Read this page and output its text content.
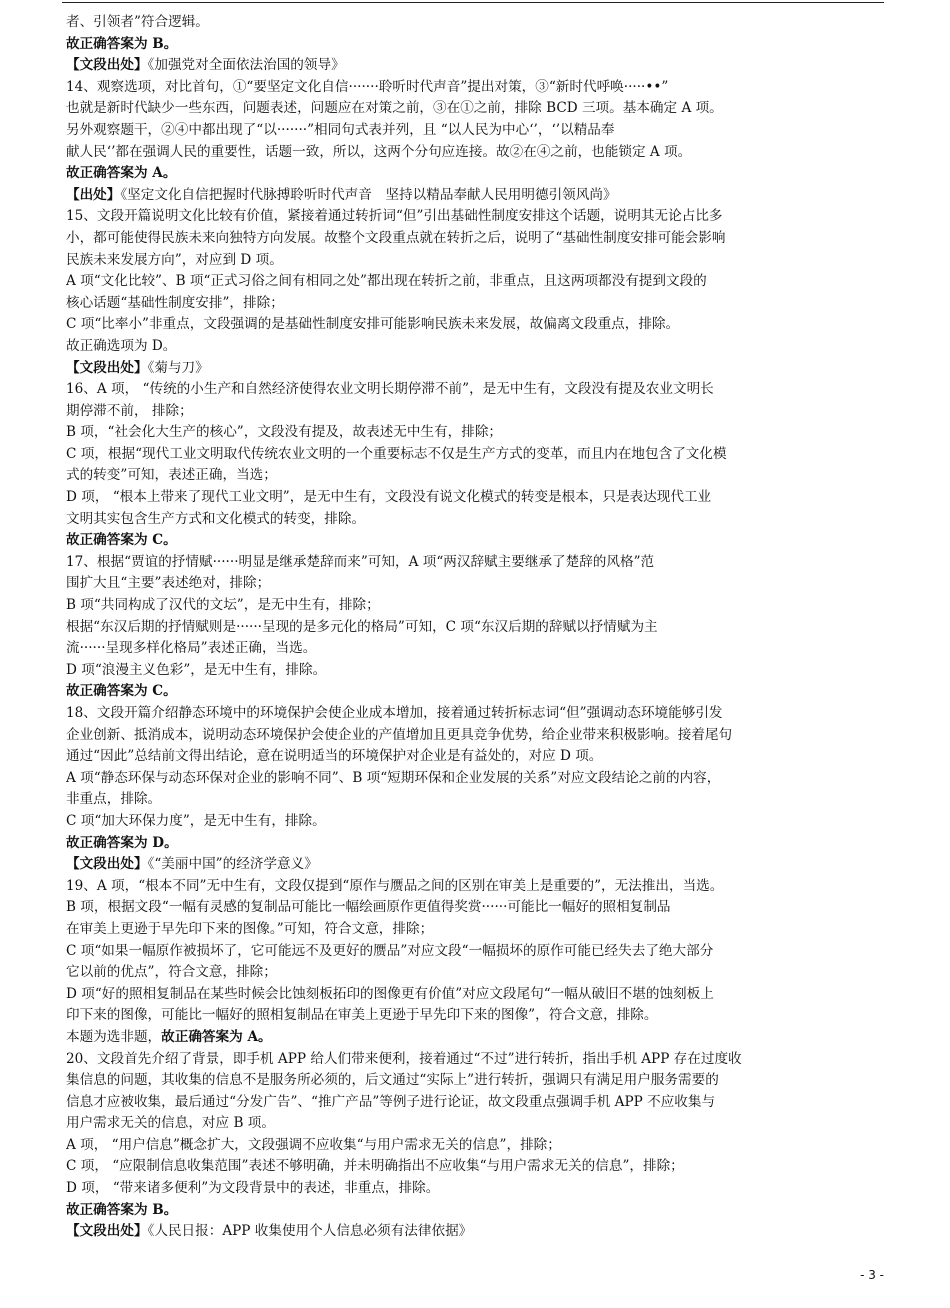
者、引领者”符合逻辑。
故正确答案为 B。
【文段出处】《加强党对全面依法治国的领导》
14、观察选项，对比首句，①“要坚定文化自信·······聆听时代声音”提出对策，③“新时代呼唤·····••”
也就是新时代缺少一些东西，问题表述，问题应在对策之前，③在①之前，排除 BCD 三项。基本确定 A 项。
另外观察题干，②④中都出现了“以·······”相同句式表并列，且 “以人民为中心‘’，‘’以精品奉
献人民‘’都在强调人民的重要性，话题一致，所以，这两个分句应连接。故②在④之前，也能锁定 A 项。
故正确答案为 A。
【出处】《坚定文化自信把握时代脉搏聆听时代声音　坚持以精品奉献人民用明德引领风尚》
15、文段开篇说明文化比较有价值，紧接着通过转折词“但”引出基础性制度安排这个话题，说明其无论占比多
小，都可能使得民族未来向独特方向发展。故整个文段重点就在转折之后，说明了“基础性制度安排可能会影响
民族未来发展方向”，对应到 D 项。
A 项“文化比较”、B 项“正式习俗之间有相同之处”都出现在转折之前，非重点，且这两项都没有提到文段的
核心话题“基础性制度安排”，排除；
C 项“比率小”非重点，文段强调的是基础性制度安排可能影响民族未来发展，故偏离文段重点，排除。
故正确选项为 D。
【文段出处】《菊与刀》
16、A 项， “传统的小生产和自然经济使得农业文明长期停滞不前”，是无中生有，文段没有提及农业文明长
期停滞不前， 排除；
B 项，“社会化大生产的核心”，文段没有提及，故表述无中生有，排除；
C 项，根据“现代工业文明取代传统农业文明的一个重要标志不仅是生产方式的变革，而且内在地包含了文化模
式的转变”可知，表述正确，当选；
D 项， “根本上带来了现代工业文明”，是无中生有，文段没有说文化模式的转变是根本，只是表达现代工业
文明其实包含生产方式和文化模式的转变，排除。
故正确答案为 C。
17、根据“贾谊的抒情赋······明显是继承楚辞而来”可知，A 项“两汉辞赋主要继承了楚辞的风格”范
围扩大且“主要”表述绝对，排除；
B 项“共同构成了汉代的文坛”，是无中生有，排除；
根据“东汉后期的抒情赋则是······呈现的是多元化的格局”可知，C 项“东汉后期的辞赋以抒情赋为主
流······呈现多样化格局”表述正确，当选。
D 项“浪漫主义色彩”，是无中生有，排除。
故正确答案为 C。
18、文段开篇介绍静态环境中的环境保护会使企业成本增加，接着通过转折标志词“但”强调动态环境能够引发
企业创新、抵消成本，说明动态环境保护会使企业的产值增加且更具竞争优势，给企业带来积极影响。接着尾句
通过“因此”总结前文得出结论，意在说明适当的环境保护对企业是有益处的，对应 D 项。
A 项“静态环保与动态环保对企业的影响不同”、B 项“短期环保和企业发展的关系”对应文段结论之前的内容，
非重点，排除。
C 项“加大环保力度”，是无中生有，排除。
故正确答案为 D。
【文段出处】《“美丽中国”的经济学意义》
19、A 项，“根本不同”无中生有，文段仅提到“原作与赝品之间的区别在审美上是重要的”，无法推出，当选。
B 项，根据文段“一幅有灵感的复制品可能比一幅绘画原作更值得奖赏······可能比一幅好的照相复制品
在审美上更逊于早先印下来的图像。”可知，符合文意，排除；
C 项“如果一幅原作被损坏了，它可能远不及更好的赝品”对应文段“一幅损坏的原作可能已经失去了绝大部分
它以前的优点”，符合文意，排除；
D 项“好的照相复制品在某些时候会比蚀刻板拓印的图像更有价值”对应文段尾句“一幅从破旧不堪的蚀刻板上
印下来的图像，可能比一幅好的照相复制品在审美上更逊于早先印下来的图像”，符合文意，排除。
本题为选非题，故正确答案为 A。
20、文段首先介绍了背景，即手机 APP 给人们带来便利，接着通过“不过”进行转折，指出手机 APP 存在过度收
集信息的问题，其收集的信息不是服务所必须的，后文通过“实际上”进行转折，强调只有满足用户服务需要的
信息才应被收集，最后通过“分发广告”、“推广产品”等例子进行论证，故文段重点强调手机 APP 不应收集与
用户需求无关的信息，对应 B 项。
A 项， “用户信息”概念扩大，文段强调不应收集“与用户需求无关的信息”，排除；
C 项， “应限制信息收集范围”表述不够明确，并未明确指出不应收集“与用户需求无关的信息”，排除；
D 项， “带来诸多便利”为文段背景中的表述，非重点，排除。
故正确答案为 B。
【文段出处】《人民日报：APP 收集使用个人信息必须有法律依据》
- 3 -
